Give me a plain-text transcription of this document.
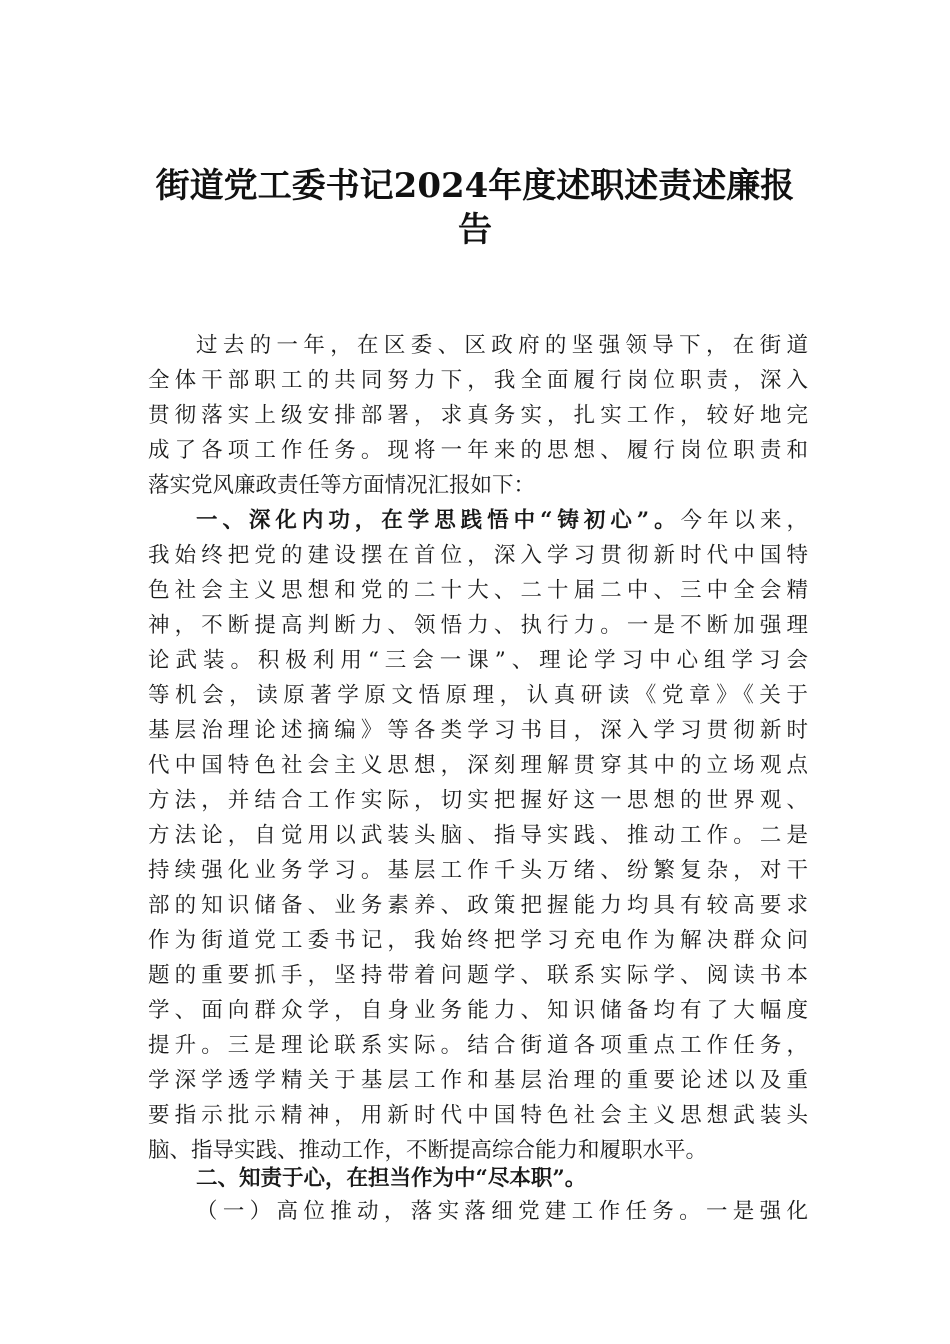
街道党工委书记2024年度述职述责述廉报
告
过去的一年，在区委、区政府的坚强领导下，在街道
全体干部职工的共同努力下，我全面履行岗位职责，深入
贯彻落实上级安排部署，求真务实，扎实工作，较好地完
成了各项工作任务。现将一年来的思想、履行岗位职责和
落实党风廉政责任等方面情况汇报如下：
一、深化内功，在学思践悟中“铸初心”。今年以来，
我始终把党的建设摆在首位，深入学习贯彻新时代中国特
色社会主义思想和党的二十大、二十届二中、三中全会精
神，不断提高判断力、领悟力、执行力。一是不断加强理
论武装。积极利用“三会一课”、理论学习中心组学习会
等机会，读原著学原文悟原理，认真研读《党章》《关于
基层治理论述摘编》等各类学习书目，深入学习贯彻新时
代中国特色社会主义思想，深刻理解贯穿其中的立场观点
方法，并结合工作实际，切实把握好这一思想的世界观、
方法论，自觉用以武装头脑、指导实践、推动工作。二是
持续强化业务学习。基层工作千头万绪、纷繁复杂，对干
部的知识储备、业务素养、政策把握能力均具有较高要求
作为街道党工委书记，我始终把学习充电作为解决群众问
题的重要抓手，坚持带着问题学、联系实际学、阅读书本
学、面向群众学，自身业务能力、知识储备均有了大幅度
提升。三是理论联系实际。结合街道各项重点工作任务，
学深学透学精关于基层工作和基层治理的重要论述以及重
要指示批示精神，用新时代中国特色社会主义思想武装头
脑、指导实践、推动工作，不断提高综合能力和履职水平。
二、知责于心，在担当作为中“尽本职”。
（一）高位推动，落实落细党建工作任务。一是强化
